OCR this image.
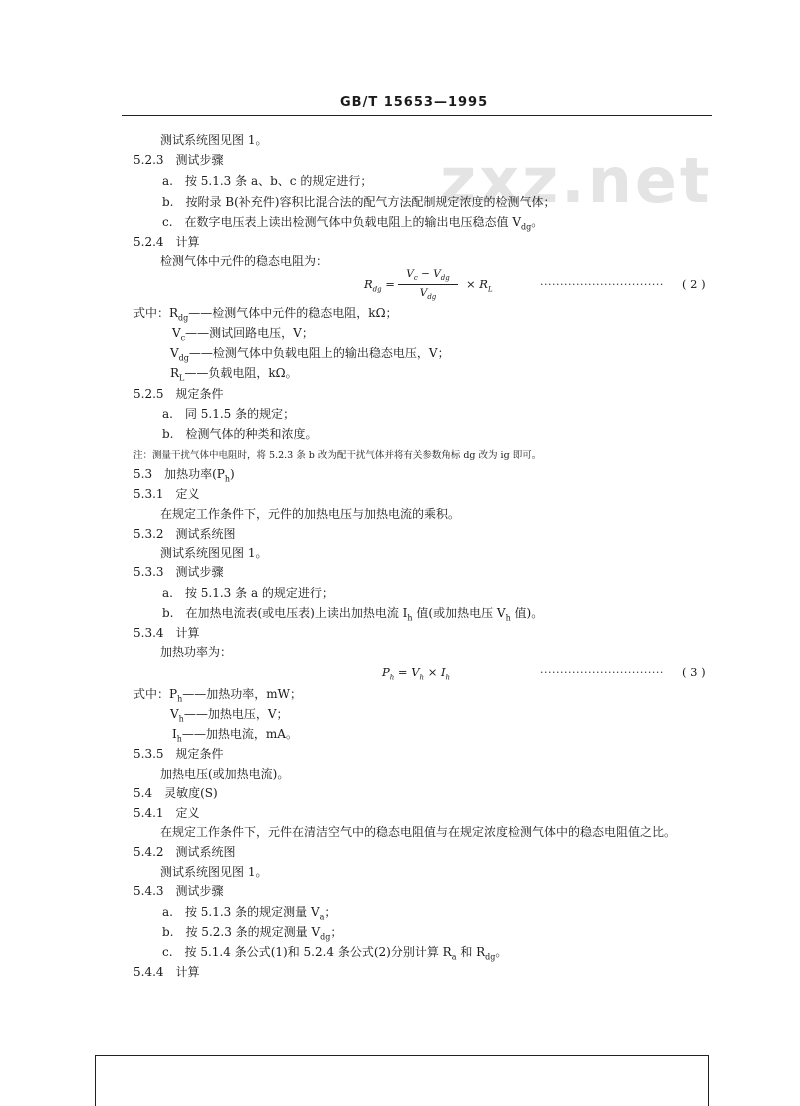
GB/T 15653—1995
zxz.net
测试系统图见图 1。
5.2.3　测试步骤
a.　按 5.1.3 条 a、b、c 的规定进行；
b.　按附录 B(补充件)容积比混合法的配气方法配制规定浓度的检测气体；
c.　在数字电压表上读出检测气体中负载电阻上的输出电压稳态值 $V_{dg}$。
5.2.4　计算
检测气体中元件的稳态电阻为：
$R_{dg}$ =
$V_c - V_{dg}$
$V_{dg}$
× $R_L$	······························· ( 2 )
式中：$R_{dg}——$检测气体中元件的稳态电阻，kΩ；
$V_c——$测试回路电压，V；
$V_{dg}——$检测气体中负载电阻上的输出稳态电压，V；
$R_L——$负载电阻，kΩ。
5.2.5　规定条件
a.　同 5.1.5 条的规定；
b.　检测气体的种类和浓度。
注：测量干扰气体中电阻时，将 5.2.3 条 b 改为配干扰气体并将有关参数角标 dg 改为 ig 即可。
5.3　加热功率$(P_h)$
5.3.1　定义
在规定工作条件下，元件的加热电压与加热电流的乘积。
5.3.2　测试系统图
测试系统图见图 1。
5.3.3　测试步骤
a.　按 5.1.3 条 a 的规定进行；
b.　在加热电流表(或电压表)上读出加热电流 $I_h$ 值(或加热电压 $V_h$ 值)。
5.3.4　计算
加热功率为：
$P_h = V_h \times I_h$	······························· ( 3 )
式中：$P_h——$加热功率，mW；
$V_h——$加热电压，V；
$I_h——$加热电流，mA。
5.3.5　规定条件
加热电压(或加热电流)。
5.4　灵敏度(S)
5.4.1　定义
在规定工作条件下，元件在清洁空气中的稳态电阻值与在规定浓度检测气体中的稳态电阻值之比。
5.4.2　测试系统图
测试系统图见图 1。
5.4.3　测试步骤
a.　按 5.1.3 条的规定测量 $V_a$；
b.　按 5.2.3 条的规定测量 $V_{dg}$；
c.　按 5.1.4 条公式(1)和 5.2.4 条公式(2)分别计算 $R_a$ 和 $R_{dg}$。
5.4.4　计算
